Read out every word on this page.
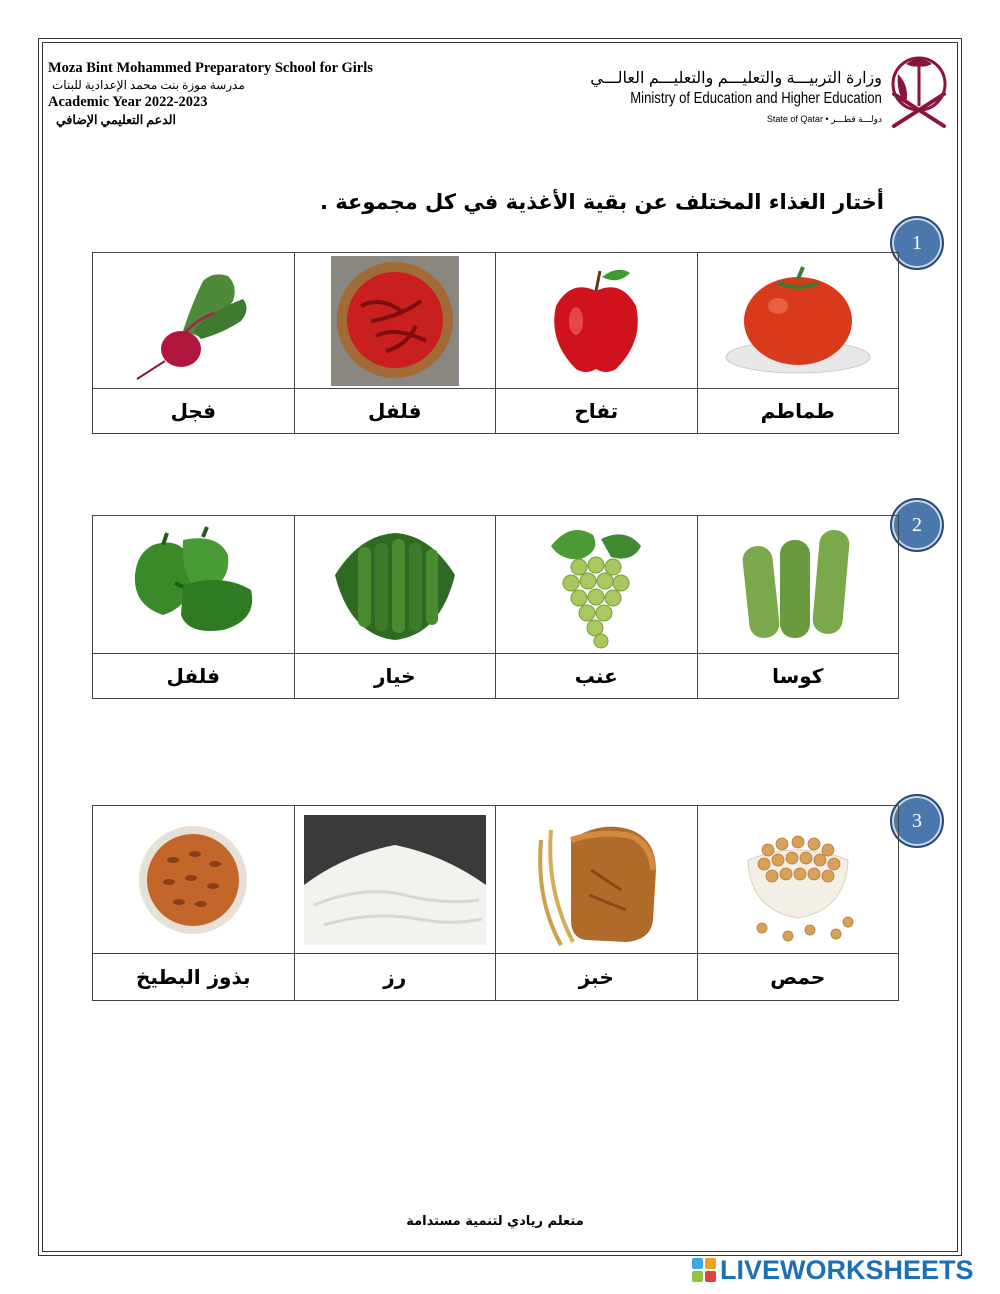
Moza Bint Mohammed Preparatory School for Girls
مدرسة موزة بنت محمد الإعدادية للبنات
Academic Year 2022-2023
الدعم التعليمي الإضافي
وزارة التربيـــة والتعليـــم والتعليـــم العالـــي
Ministry of Education and Higher Education
State of Qatar • دولـــة قطـــر
أختار الغذاء المختلف عن بقية الأغذية في كل مجموعة .
1

فجل	فلفل	تفاح	طماطم
2

فلفل	خيار	عنب	كوسا
3

بذوز البطيخ	رز	خبز	حمص
متعلم ريادي لتنمية مستدامة
LIVEWORKSHEETS
